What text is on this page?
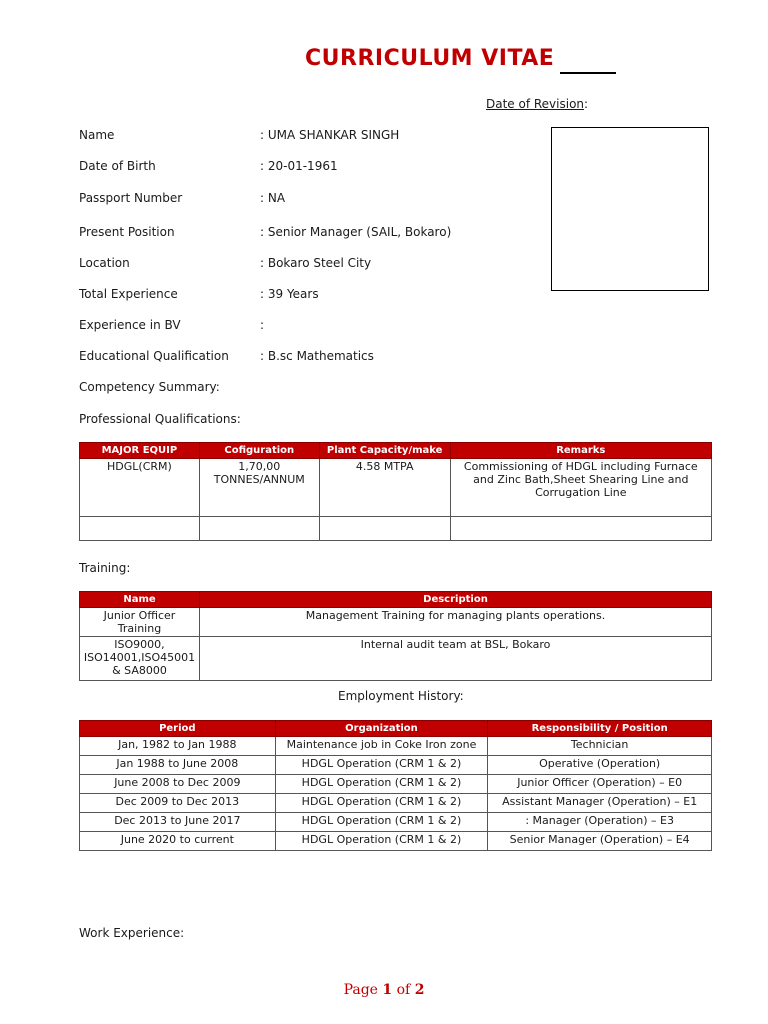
CURRICULUM VITAE
Date of Revision:
Name	: UMA SHANKAR SINGH
Date of Birth	: 20-01-1961
Passport Number	: NA
Present Position	: Senior Manager (SAIL, Bokaro)
Location	: Bokaro Steel City
Total Experience	: 39 Years
Experience in BV	:
Educational Qualification	: B.sc Mathematics
Competency Summary:
Professional Qualifications:
MAJOR EQUIP	Cofiguration	Plant Capacity/make	Remarks
HDGL(CRM)	1,70,00 TONNES/ANNUM	4.58 MTPA	Commissioning of HDGL including Furnace and Zinc Bath,Sheet Shearing Line and Corrugation Line

Training:
Name	Description
Junior Officer Training	Management Training for managing plants operations.
ISO9000, ISO14001,ISO45001 & SA8000	Internal audit team at BSL, Bokaro
Employment History:
Period	Organization	Responsibility / Position
Jan, 1982 to Jan 1988	Maintenance job in Coke Iron zone	Technician
Jan 1988 to June 2008	HDGL Operation (CRM 1 & 2)	Operative (Operation)
June 2008 to Dec 2009	HDGL Operation (CRM 1 & 2)	Junior Officer (Operation) – E0
Dec 2009 to Dec 2013	HDGL Operation (CRM 1 & 2)	Assistant Manager (Operation) – E1
Dec 2013 to June 2017	HDGL Operation (CRM 1 & 2)	: Manager (Operation) – E3
June 2020 to current	HDGL Operation (CRM 1 & 2)	Senior Manager (Operation) – E4
Work Experience:
Page 1 of 2
